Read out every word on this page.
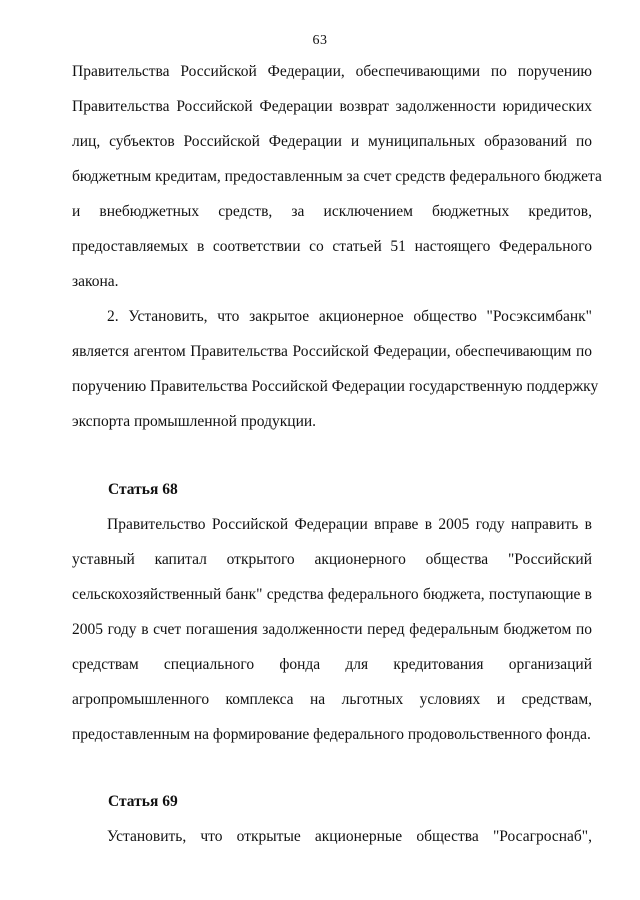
63
Правительства Российской Федерации, обеспечивающими по поручению
Правительства Российской Федерации возврат задолженности юридических
лиц, субъектов Российской Федерации и муниципальных образований по
бюджетным кредитам, предоставленным за счет средств федерального бюджета
и внебюджетных средств, за исключением бюджетных кредитов,
предоставляемых в соответствии со статьей 51 настоящего Федерального
закона.
2. Установить, что закрытое акционерное общество "Росэксимбанк"
является агентом Правительства Российской Федерации, обеспечивающим по
поручению Правительства Российской Федерации государственную поддержку
экспорта промышленной продукции.
Статья 68
Правительство Российской Федерации вправе в 2005 году направить в
уставный капитал открытого акционерного общества "Российский
сельскохозяйственный банк" средства федерального бюджета, поступающие в
2005 году в счет погашения задолженности перед федеральным бюджетом по
средствам специального фонда для кредитования организаций
агропромышленного комплекса на льготных условиях и средствам,
предоставленным на формирование федерального продовольственного фонда.
Статья 69
Установить, что открытые акционерные общества "Росагроснаб",
